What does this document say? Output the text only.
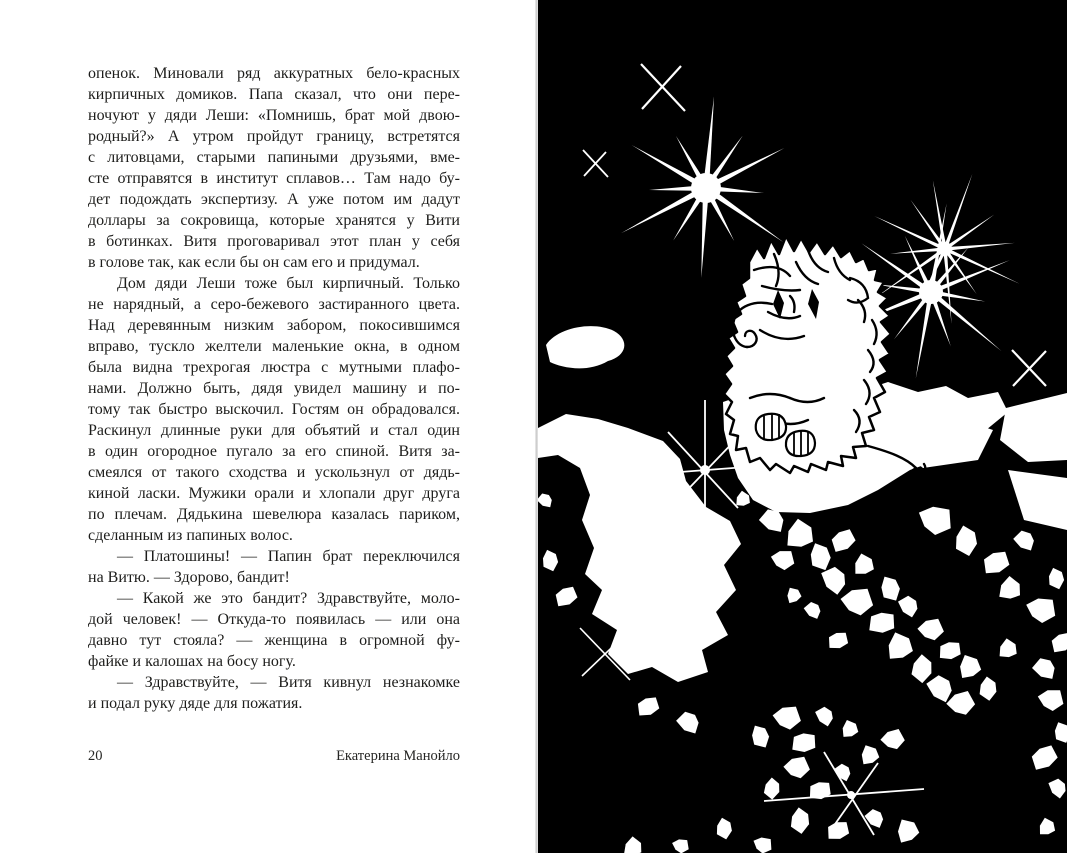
опенок. Миновали ряд аккуратных бело-красных
кирпичных домиков. Папа сказал, что они пере-
ночуют у дяди Леши: «Помнишь, брат мой двою-
родный?» А утром пройдут границу, встретятся
с литовцами, старыми папиными друзьями, вме-
сте отправятся в институт сплавов… Там надо бу-
дет подождать экспертизу. А уже потом им дадут
доллары за сокровища, которые хранятся у Вити
в ботинках. Витя проговаривал этот план у себя
в голове так, как если бы он сам его и придумал.
Дом дяди Леши тоже был кирпичный. Только
не нарядный, а серо-бежевого застиранного цвета.
Над деревянным низким забором, покосившимся
вправо, тускло желтели маленькие окна, в одном
была видна трехрогая люстра с мутными плафо-
нами. Должно быть, дядя увидел машину и по-
тому так быстро выскочил. Гостям он обрадовался.
Раскинул длинные руки для объятий и стал один
в один огородное пугало за его спиной. Витя за-
смеялся от такого сходства и ускользнул от дядь-
киной ласки. Мужики орали и хлопали друг друга
по плечам. Дядькина шевелюра казалась париком,
сделанным из папиных волос.
— Платошины! — Папин брат переключился
на Витю. — Здорово, бандит!
— Какой же это бандит? Здравствуйте, моло-
дой человек! — Откуда-то появилась — или она
давно тут стояла? — женщина в огромной фу-
файке и калошах на босу ногу.
— Здравствуйте, — Витя кивнул незнакомке
и подал руку дяде для пожатия.
20	Екатерина Манойло
